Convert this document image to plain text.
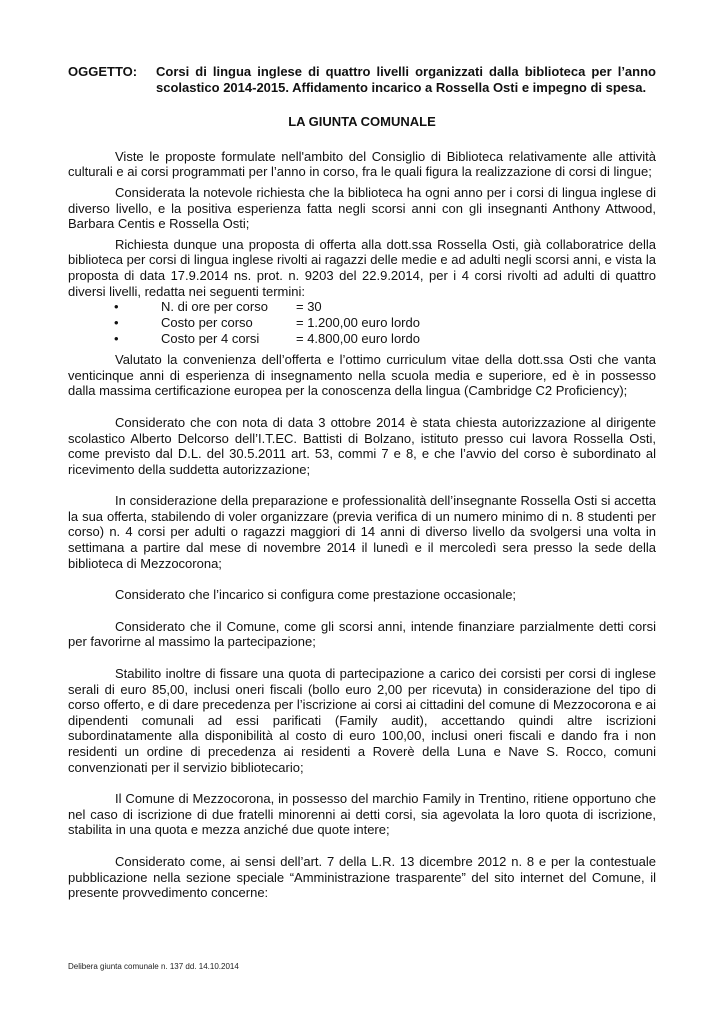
OGGETTO:	Corsi di lingua inglese di quattro livelli organizzati dalla biblioteca per l’anno scolastico 2014-2015. Affidamento incarico a Rossella Osti e impegno di spesa.
LA GIUNTA COMUNALE

Viste le proposte formulate nell'ambito del Consiglio di Biblioteca relativamente alle attività culturali e ai corsi programmati per l’anno in corso, fra le quali figura la realizzazione di corsi di lingue;

Considerata la notevole richiesta che la biblioteca ha ogni anno per i corsi di lingua inglese di diverso livello, e la positiva esperienza fatta negli scorsi anni con gli insegnanti Anthony Attwood, Barbara Centis e Rossella Osti;

Richiesta dunque una proposta di offerta alla dott.ssa Rossella Osti, già collaboratrice della biblioteca per corsi di lingua inglese rivolti ai ragazzi delle medie e ad adulti negli scorsi anni, e vista la proposta di data 17.9.2014 ns. prot. n. 9203 del 22.9.2014, per i 4 corsi rivolti ad adulti di quattro diversi livelli, redatta nei seguenti termini:

•	N. di ore per corso	= 30
•	Costo per corso	= 1.200,00 euro lordo
•	Costo per 4 corsi	= 4.800,00 euro lordo

Valutato la convenienza dell’offerta e l’ottimo curriculum vitae della dott.ssa Osti che vanta venticinque anni di esperienza di insegnamento nella scuola media e superiore, ed è in possesso dalla massima certificazione europea per la conoscenza della lingua (Cambridge C2 Proficiency);

Considerato che con nota di data 3 ottobre 2014 è stata chiesta autorizzazione al dirigente scolastico Alberto Delcorso dell’I.T.EC. Battisti di Bolzano, istituto presso cui lavora Rossella Osti, come previsto dal D.L. del 30.5.2011 art. 53, commi 7 e 8, e che l’avvio del corso è subordinato al ricevimento della suddetta autorizzazione;

In considerazione della preparazione e professionalità dell’insegnante Rossella Osti si accetta la sua offerta, stabilendo di voler organizzare (previa verifica di un numero minimo di n. 8 studenti per corso) n. 4 corsi per adulti o ragazzi maggiori di 14 anni di diverso livello da svolgersi una volta in settimana a partire dal mese di novembre 2014 il lunedì e il mercoledì sera presso la sede della biblioteca di Mezzocorona;

Considerato che l’incarico si configura come prestazione occasionale;

Considerato che il Comune, come gli scorsi anni, intende finanziare parzialmente detti corsi per favorirne al massimo la partecipazione;

Stabilito inoltre di fissare una quota di partecipazione a carico dei corsisti per corsi di inglese serali di euro 85,00, inclusi oneri fiscali (bollo euro 2,00 per ricevuta) in considerazione del tipo di corso offerto, e di dare precedenza per l’iscrizione ai corsi ai cittadini del comune di Mezzocorona e ai dipendenti comunali ad essi parificati (Family audit), accettando quindi altre iscrizioni subordinatamente alla disponibilità al costo di euro 100,00, inclusi oneri fiscali e dando fra i non residenti un ordine di precedenza ai residenti a Roverè della Luna e Nave S. Rocco, comuni convenzionati per il servizio bibliotecario;

Il Comune di Mezzocorona, in possesso del marchio Family in Trentino, ritiene opportuno che nel caso di iscrizione di due fratelli minorenni ai detti corsi, sia agevolata la loro quota di iscrizione, stabilita in una quota e mezza anziché due quote intere;

Considerato come, ai sensi dell’art. 7 della L.R. 13 dicembre 2012 n. 8 e per la contestuale pubblicazione nella sezione speciale “Amministrazione trasparente” del sito internet del Comune, il presente provvedimento concerne:

Delibera giunta comunale n. 137 dd. 14.10.2014
